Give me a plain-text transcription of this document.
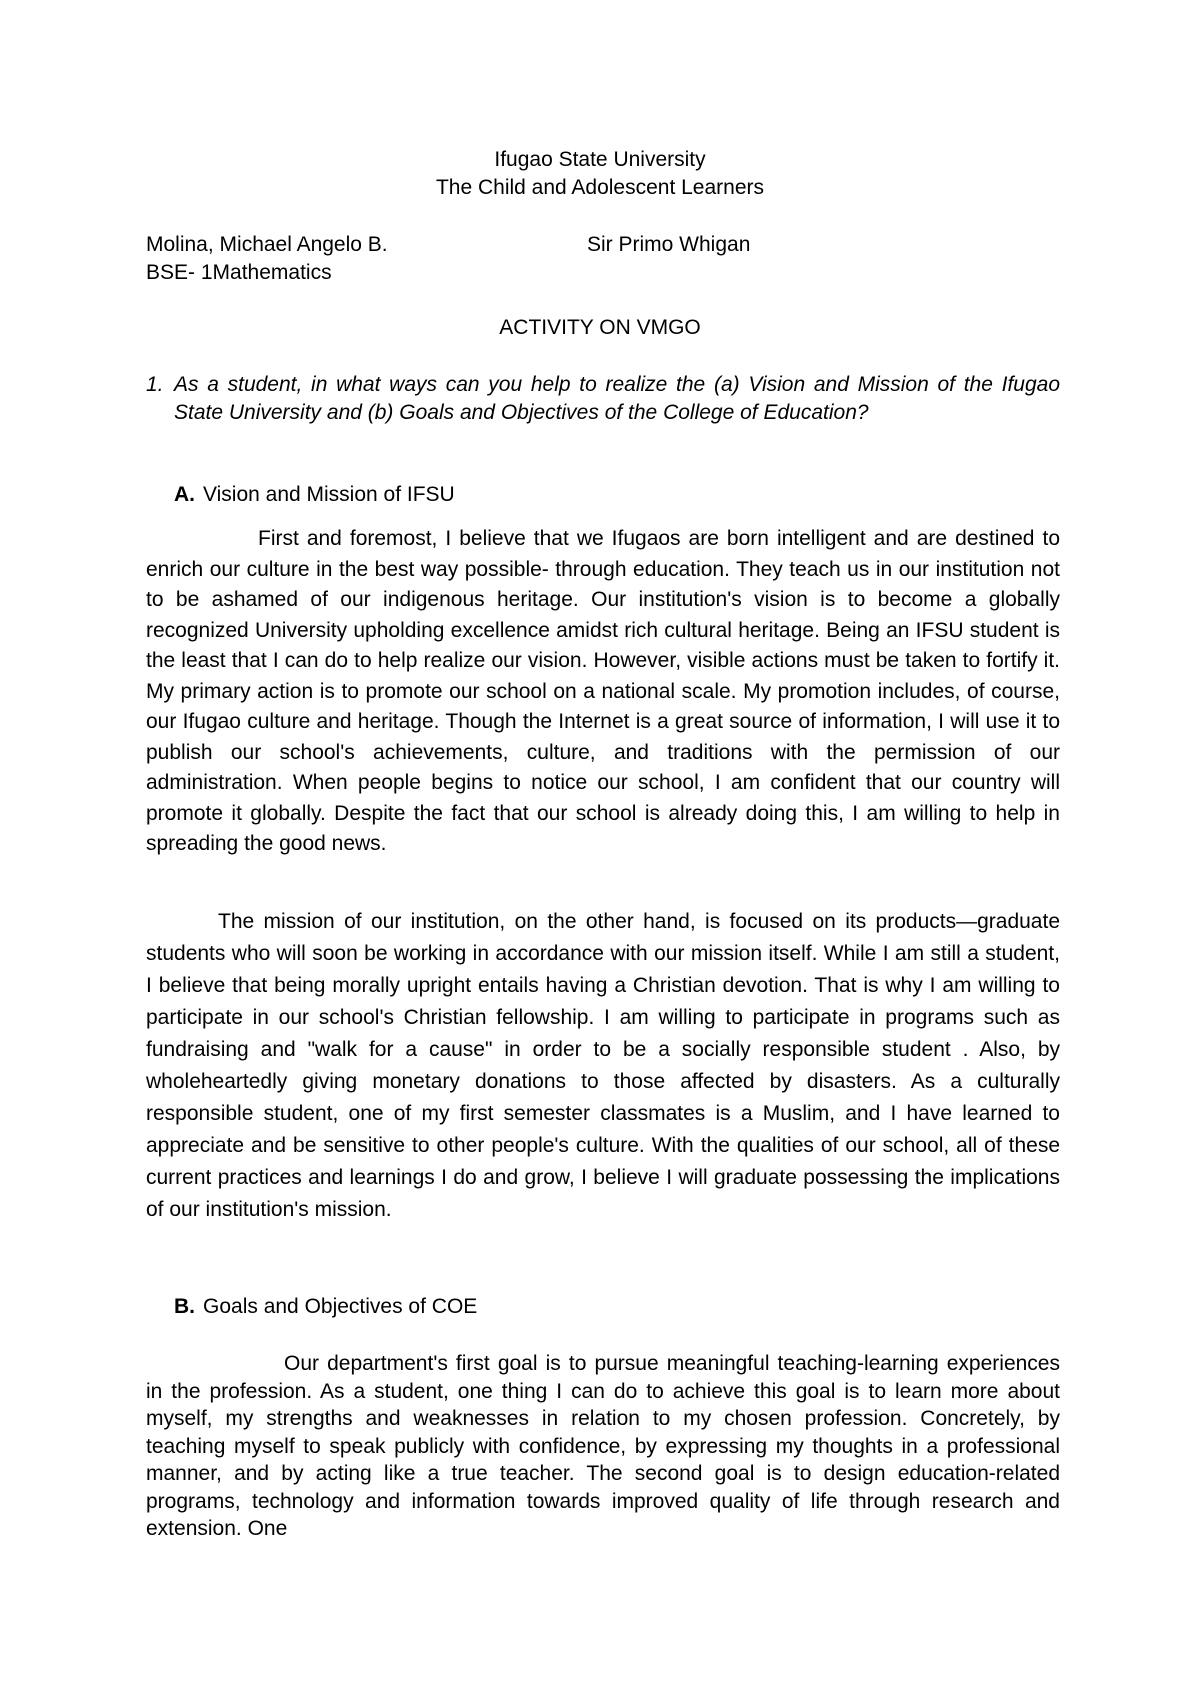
Ifugao State University
The Child and Adolescent Learners
Molina, Michael Angelo B.	Sir Primo Whigan
BSE- 1Mathematics
ACTIVITY ON VMGO
1. As a student, in what ways can you help to realize the (a) Vision and Mission of the Ifugao State University and (b) Goals and Objectives of the College of Education?
A. Vision and Mission of IFSU
First and foremost, I believe that we Ifugaos are born intelligent and are destined to enrich our culture in the best way possible- through education. They teach us in our institution not to be ashamed of our indigenous heritage. Our institution's vision is to become a globally recognized University upholding excellence amidst rich cultural heritage. Being an IFSU student is the least that I can do to help realize our vision. However, visible actions must be taken to fortify it. My primary action is to promote our school on a national scale. My promotion includes, of course, our Ifugao culture and heritage. Though the Internet is a great source of information, I will use it to publish our school's achievements, culture, and traditions with the permission of our administration. When people begins to notice our school, I am confident that our country will promote it globally. Despite the fact that our school is already doing this, I am willing to help in spreading the good news.
The mission of our institution, on the other hand, is focused on its products—graduate students who will soon be working in accordance with our mission itself. While I am still a student, I believe that being morally upright entails having a Christian devotion. That is why I am willing to participate in our school's Christian fellowship. I am willing to participate in programs such as fundraising and "walk for a cause" in order to be a socially responsible student . Also, by wholeheartedly giving monetary donations to those affected by disasters. As a culturally responsible student, one of my first semester classmates is a Muslim, and I have learned to appreciate and be sensitive to other people's culture. With the qualities of our school, all of these current practices and learnings I do and grow, I believe I will graduate possessing the implications of our institution's mission.
B. Goals and Objectives of COE
Our department's first goal is to pursue meaningful teaching-learning experiences in the profession. As a student, one thing I can do to achieve this goal is to learn more about myself, my strengths and weaknesses in relation to my chosen profession. Concretely, by teaching myself to speak publicly with confidence, by expressing my thoughts in a professional manner, and by acting like a true teacher. The second goal is to design education-related programs, technology and information towards improved quality of life through research and extension. One
